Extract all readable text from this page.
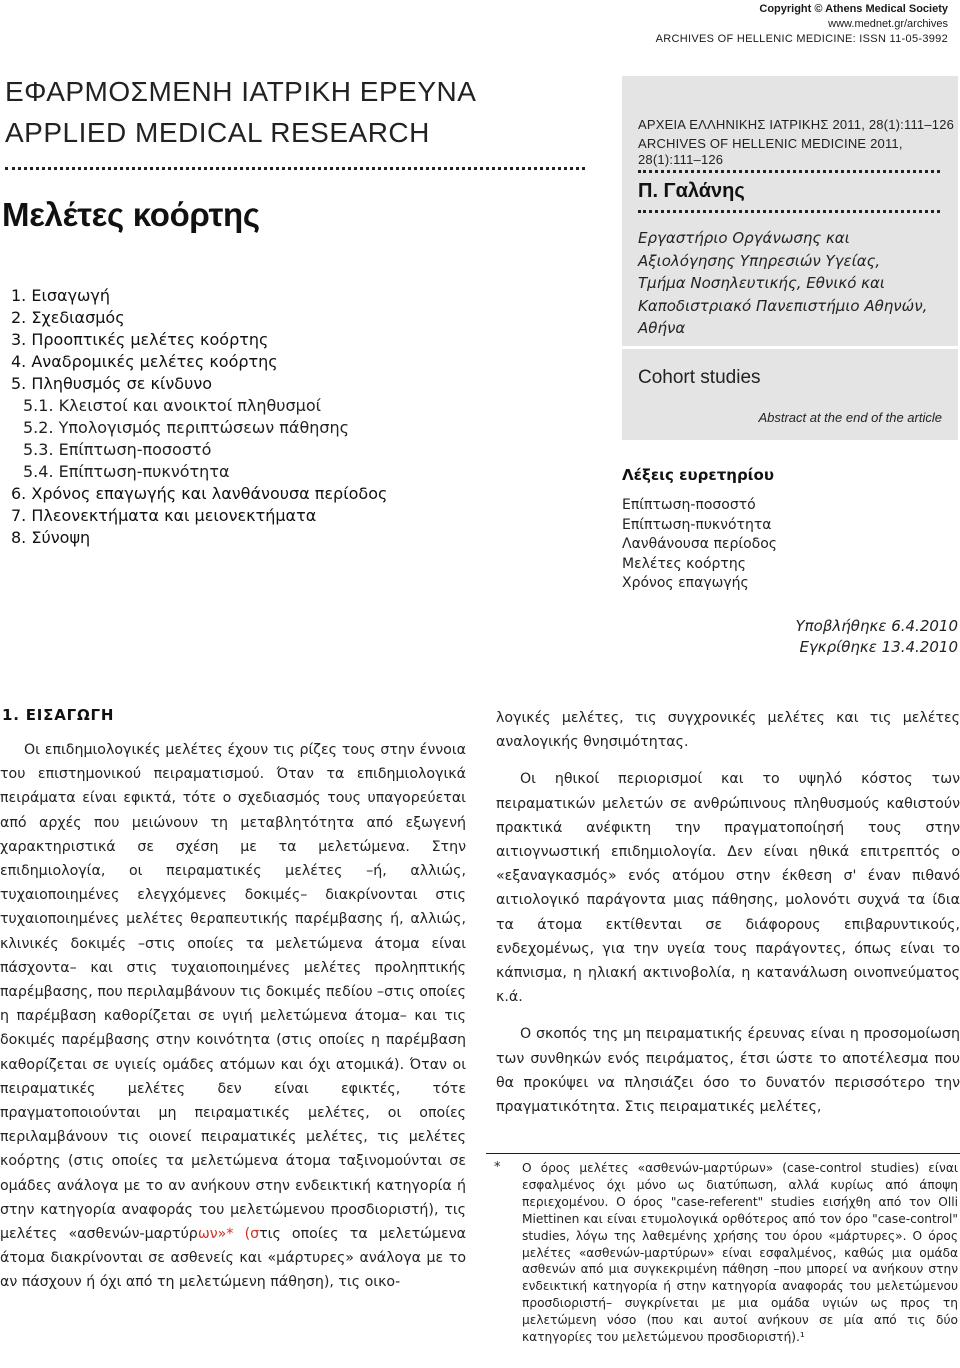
Copyright © Athens Medical Society
www.mednet.gr/archives
ARCHIVES OF HELLENIC MEDICINE: ISSN 11-05-3992
ΕΦΑΡΜΟΣΜΕΝΗ ΙΑΤΡΙΚΗ ΕΡΕΥΝΑ
APPLIED MEDICAL RESEARCH
Μελέτες κοόρτης
1. Εισαγωγή
2. Σχεδιασμός
3. Προοπτικές μελέτες κοόρτης
4. Αναδρομικές μελέτες κοόρτης
5. Πληθυσμός σε κίνδυνο
5.1. Κλειστοί και ανοικτοί πληθυσμοί
5.2. Υπολογισμός περιπτώσεων πάθησης
5.3. Επίπτωση-ποσοστό
5.4. Επίπτωση-πυκνότητα
6. Χρόνος επαγωγής και λανθάνουσα περίοδος
7. Πλεονεκτήματα και μειονεκτήματα
8. Σύνοψη
ΑΡΧΕΙΑ ΕΛΛΗΝΙΚΗΣ ΙΑΤΡΙΚΗΣ 2011, 28(1):111–126
ARCHIVES OF HELLENIC MEDICINE 2011, 28(1):111–126
Π. Γαλάνης
Εργαστήριο Οργάνωσης και
Αξιολόγησης Υπηρεσιών Υγείας,
Τμήμα Νοσηλευτικής, Εθνικό και
Καποδιστριακό Πανεπιστήμιο Αθηνών,
Αθήνα
Cohort studies
Abstract at the end of the article
Λέξεις ευρετηρίου
Επίπτωση-ποσοστό
Επίπτωση-πυκνότητα
Λανθάνουσα περίοδος
Μελέτες κοόρτης
Χρόνος επαγωγής
Υποβλήθηκε 6.4.2010
Εγκρίθηκε 13.4.2010
1. ΕΙΣΑΓΩΓΗ

Οι επιδημιολογικές μελέτες έχουν τις ρίζες τους στην έννοια του επιστημονικού πειραματισμού. Όταν τα επιδημιολογικά πειράματα είναι εφικτά, τότε ο σχεδιασμός τους υπαγορεύεται από αρχές που μειώνουν τη μεταβλητότητα από εξωγενή χαρακτηριστικά σε σχέση με τα μελετώμενα. Στην επιδημιολογία, οι πειραματικές μελέτες –ή, αλλιώς, τυχαιοποιημένες ελεγχόμενες δοκιμές– διακρίνονται στις τυχαιοποιημένες μελέτες θεραπευτικής παρέμβασης ή, αλλιώς, κλινικές δοκιμές –στις οποίες τα μελετώμενα άτομα είναι πάσχοντα– και στις τυχαιοποιημένες μελέτες προληπτικής παρέμβασης, που περιλαμβάνουν τις δοκιμές πεδίου –στις οποίες η παρέμβαση καθορίζεται σε υγιή μελετώμενα άτομα– και τις δοκιμές παρέμβασης στην κοινότητα (στις οποίες η παρέμβαση καθορίζεται σε υγιείς ομάδες ατόμων και όχι ατομικά). Όταν οι πειραματικές μελέτες δεν είναι εφικτές, τότε πραγματοποιούνται μη πειραματικές μελέτες, οι οποίες περιλαμβάνουν τις οιονεί πειραματικές μελέτες, τις μελέτες κοόρτης (στις οποίες τα μελετώμενα άτομα ταξινομούνται σε ομάδες ανάλογα με το αν ανήκουν στην ενδεικτική κατηγορία ή στην κατηγορία αναφοράς του μελετώμενου προσδιοριστή), τις μελέτες «ασθενών-μαρτύρων»* (στις οποίες τα μελετώμενα άτομα διακρίνονται σε ασθενείς και «μάρτυρες» ανάλογα με το αν πάσχουν ή όχι από τη μελετώμενη πάθηση), τις οικο-

λογικές μελέτες, τις συγχρονικές μελέτες και τις μελέτες αναλογικής θνησιμότητας.

Οι ηθικοί περιορισμοί και το υψηλό κόστος των πειραματικών μελετών σε ανθρώπινους πληθυσμούς καθιστούν πρακτικά ανέφικτη την πραγματοποίησή τους στην αιτιογνωστική επιδημιολογία. Δεν είναι ηθικά επιτρεπτός ο «εξαναγκασμός» ενός ατόμου στην έκθεση σ' έναν πιθανό αιτιολογικό παράγοντα μιας πάθησης, μολονότι συχνά τα ίδια τα άτομα εκτίθενται σε διάφορους επιβαρυντικούς, ενδεχομένως, για την υγεία τους παράγοντες, όπως είναι το κάπνισμα, η ηλιακή ακτινοβολία, η κατανάλωση οινοπνεύματος κ.ά.

Ο σκοπός της μη πειραματικής έρευνας είναι η προσομοίωση των συνθηκών ενός πειράματος, έτσι ώστε το αποτέλεσμα που θα προκύψει να πλησιάζει όσο το δυνατόν περισσότερο την πραγματικότητα. Στις πειραματικές μελέτες,

* Ο όρος μελέτες «ασθενών-μαρτύρων» (case-control studies) είναι εσφαλμένος όχι μόνο ως διατύπωση, αλλά κυρίως από άποψη περιεχομένου. Ο όρος "case-referent" studies εισήχθη από τον Olli Miettinen και είναι ετυμολογικά ορθότερος από τον όρο "case-control" studies, λόγω της λαθεμένης χρήσης του όρου «μάρτυρες». Ο όρος μελέτες «ασθενών-μαρτύρων» είναι εσφαλμένος, καθώς μια ομάδα ασθενών από μια συγκεκριμένη πάθηση –που μπορεί να ανήκουν στην ενδεικτική κατηγορία ή στην κατηγορία αναφοράς του μελετώμενου προσδιοριστή– συγκρίνεται με μια ομάδα υγιών ως προς τη μελετώμενη νόσο (που και αυτοί ανήκουν σε μία από τις δύο κατηγορίες του μελετώμενου προσδιοριστή).¹
